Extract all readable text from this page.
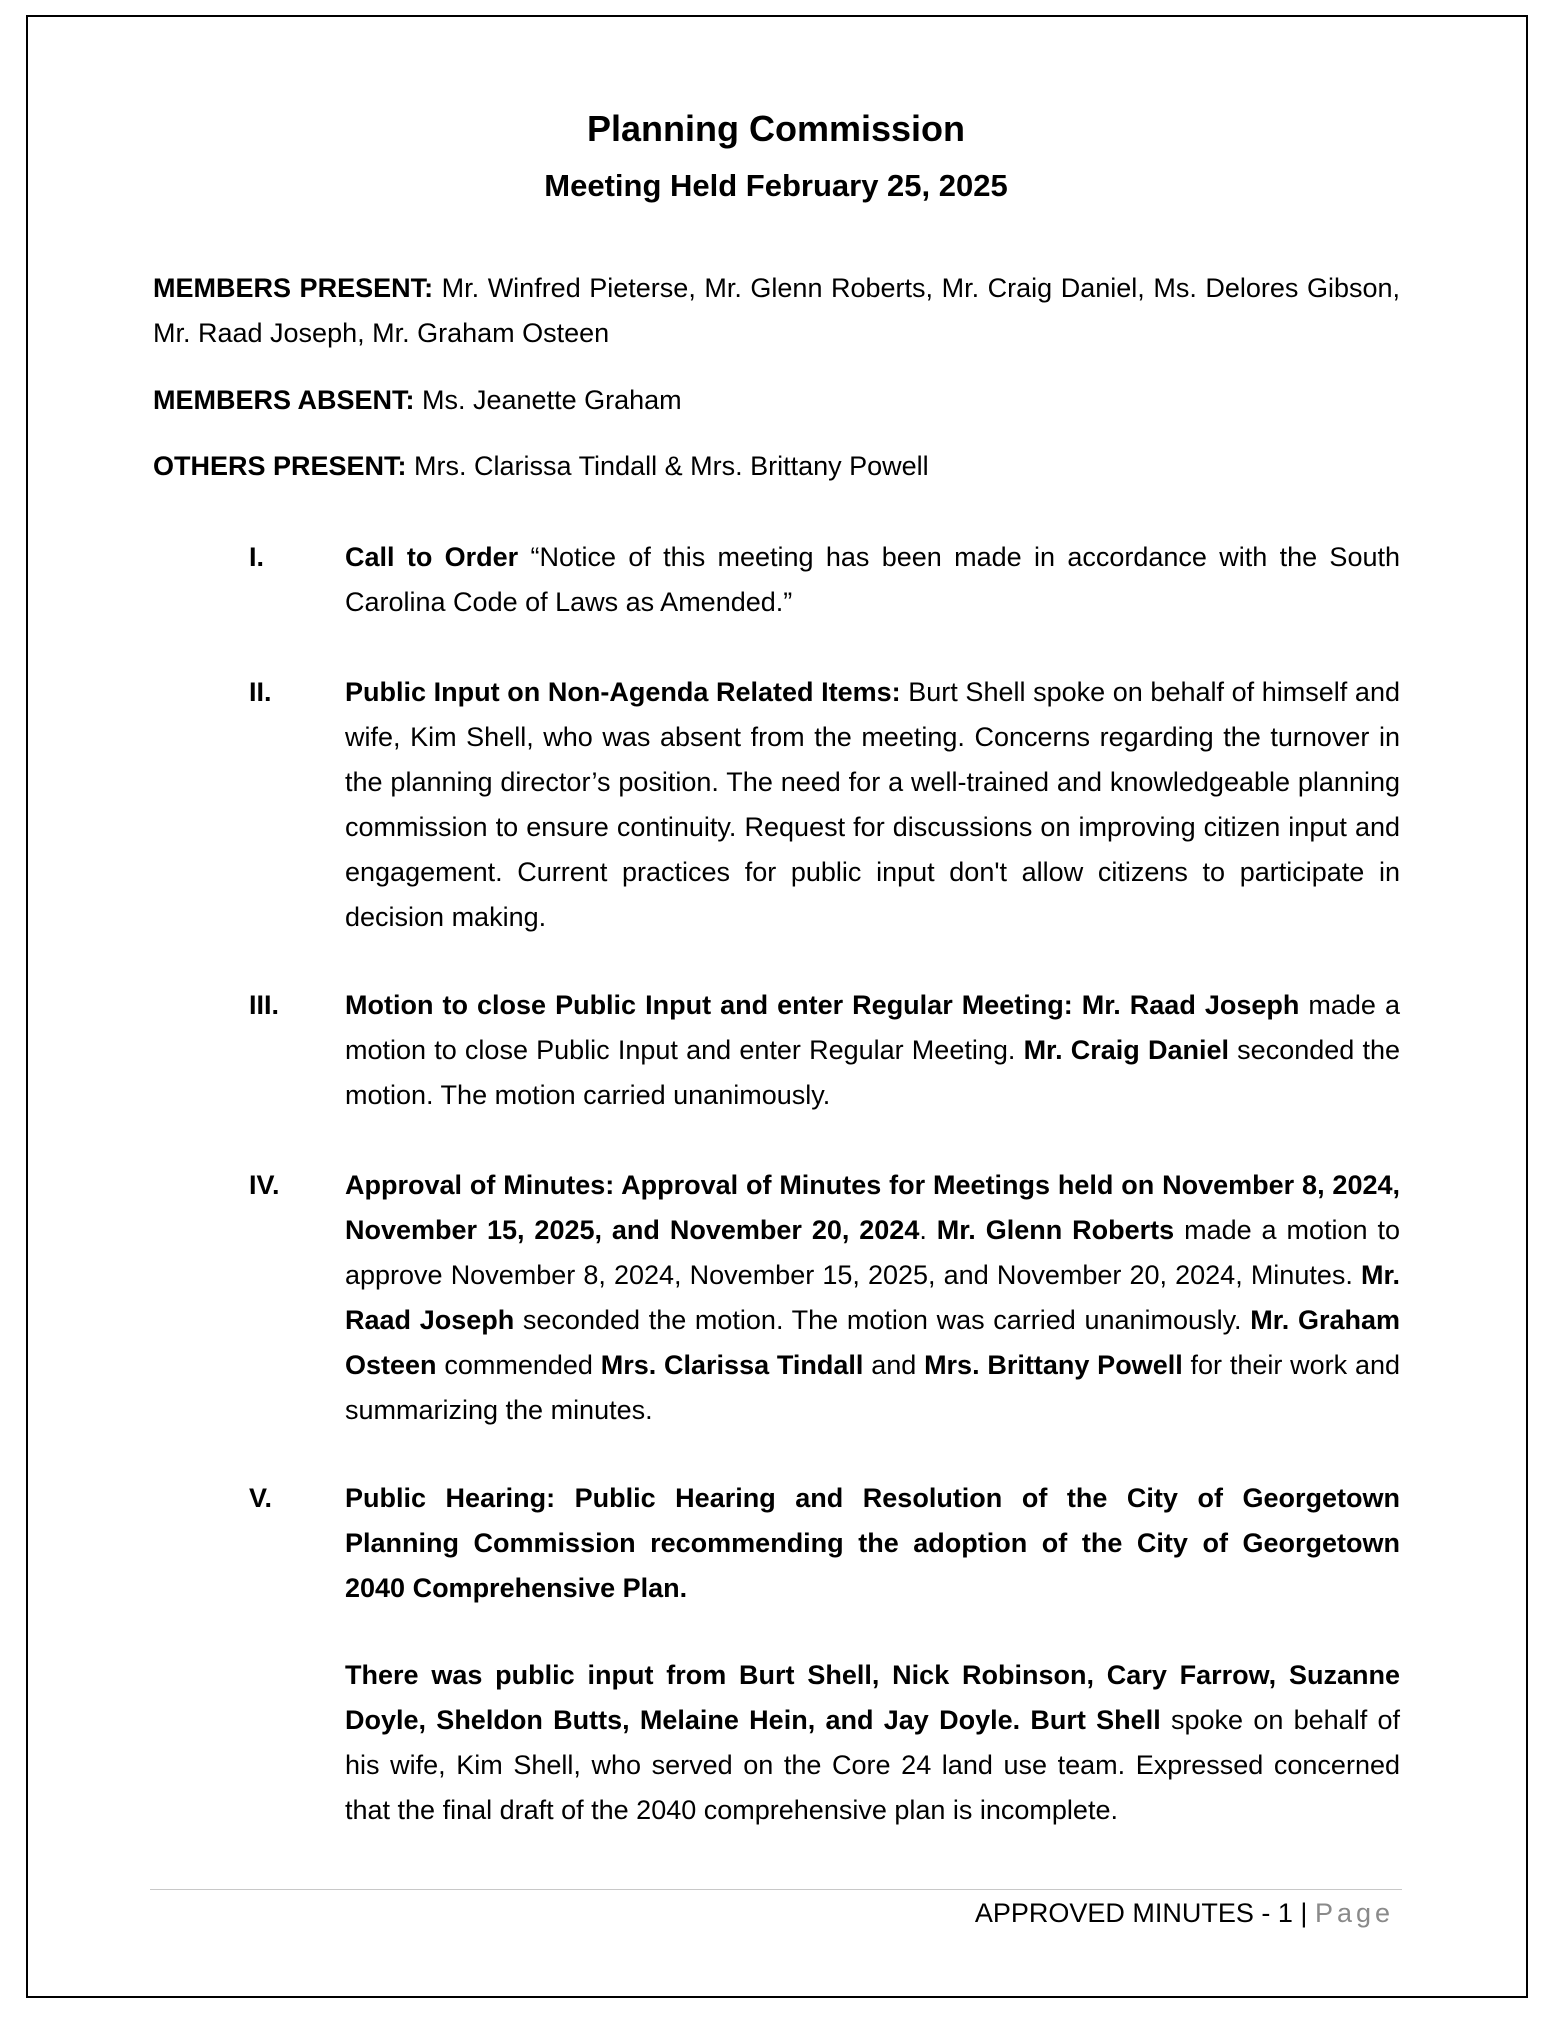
Planning Commission
Meeting Held February 25, 2025
MEMBERS PRESENT: Mr. Winfred Pieterse, Mr. Glenn Roberts, Mr. Craig Daniel, Ms. Delores Gibson, Mr. Raad Joseph, Mr. Graham Osteen
MEMBERS ABSENT: Ms. Jeanette Graham
OTHERS PRESENT: Mrs. Clarissa Tindall & Mrs. Brittany Powell
I.	Call to Order “Notice of this meeting has been made in accordance with the South Carolina Code of Laws as Amended.”
II.	Public Input on Non-Agenda Related Items: Burt Shell spoke on behalf of himself and wife, Kim Shell, who was absent from the meeting. Concerns regarding the turnover in the planning director’s position. The need for a well-trained and knowledgeable planning commission to ensure continuity. Request for discussions on improving citizen input and engagement. Current practices for public input don't allow citizens to participate in decision making.
III.	Motion to close Public Input and enter Regular Meeting: Mr. Raad Joseph made a motion to close Public Input and enter Regular Meeting. Mr. Craig Daniel seconded the motion. The motion carried unanimously.
IV.	Approval of Minutes: Approval of Minutes for Meetings held on November 8, 2024, November 15, 2025, and November 20, 2024. Mr. Glenn Roberts made a motion to approve November 8, 2024, November 15, 2025, and November 20, 2024, Minutes. Mr. Raad Joseph seconded the motion. The motion was carried unanimously. Mr. Graham Osteen commended Mrs. Clarissa Tindall and Mrs. Brittany Powell for their work and summarizing the minutes.
V.	Public Hearing: Public Hearing and Resolution of the City of Georgetown Planning Commission recommending the adoption of the City of Georgetown 2040 Comprehensive Plan.
There was public input from Burt Shell, Nick Robinson, Cary Farrow, Suzanne Doyle, Sheldon Butts, Melaine Hein, and Jay Doyle. Burt Shell spoke on behalf of his wife, Kim Shell, who served on the Core 24 land use team. Expressed concerned that the final draft of the 2040 comprehensive plan is incomplete.
APPROVED MINUTES - 1 | Page
